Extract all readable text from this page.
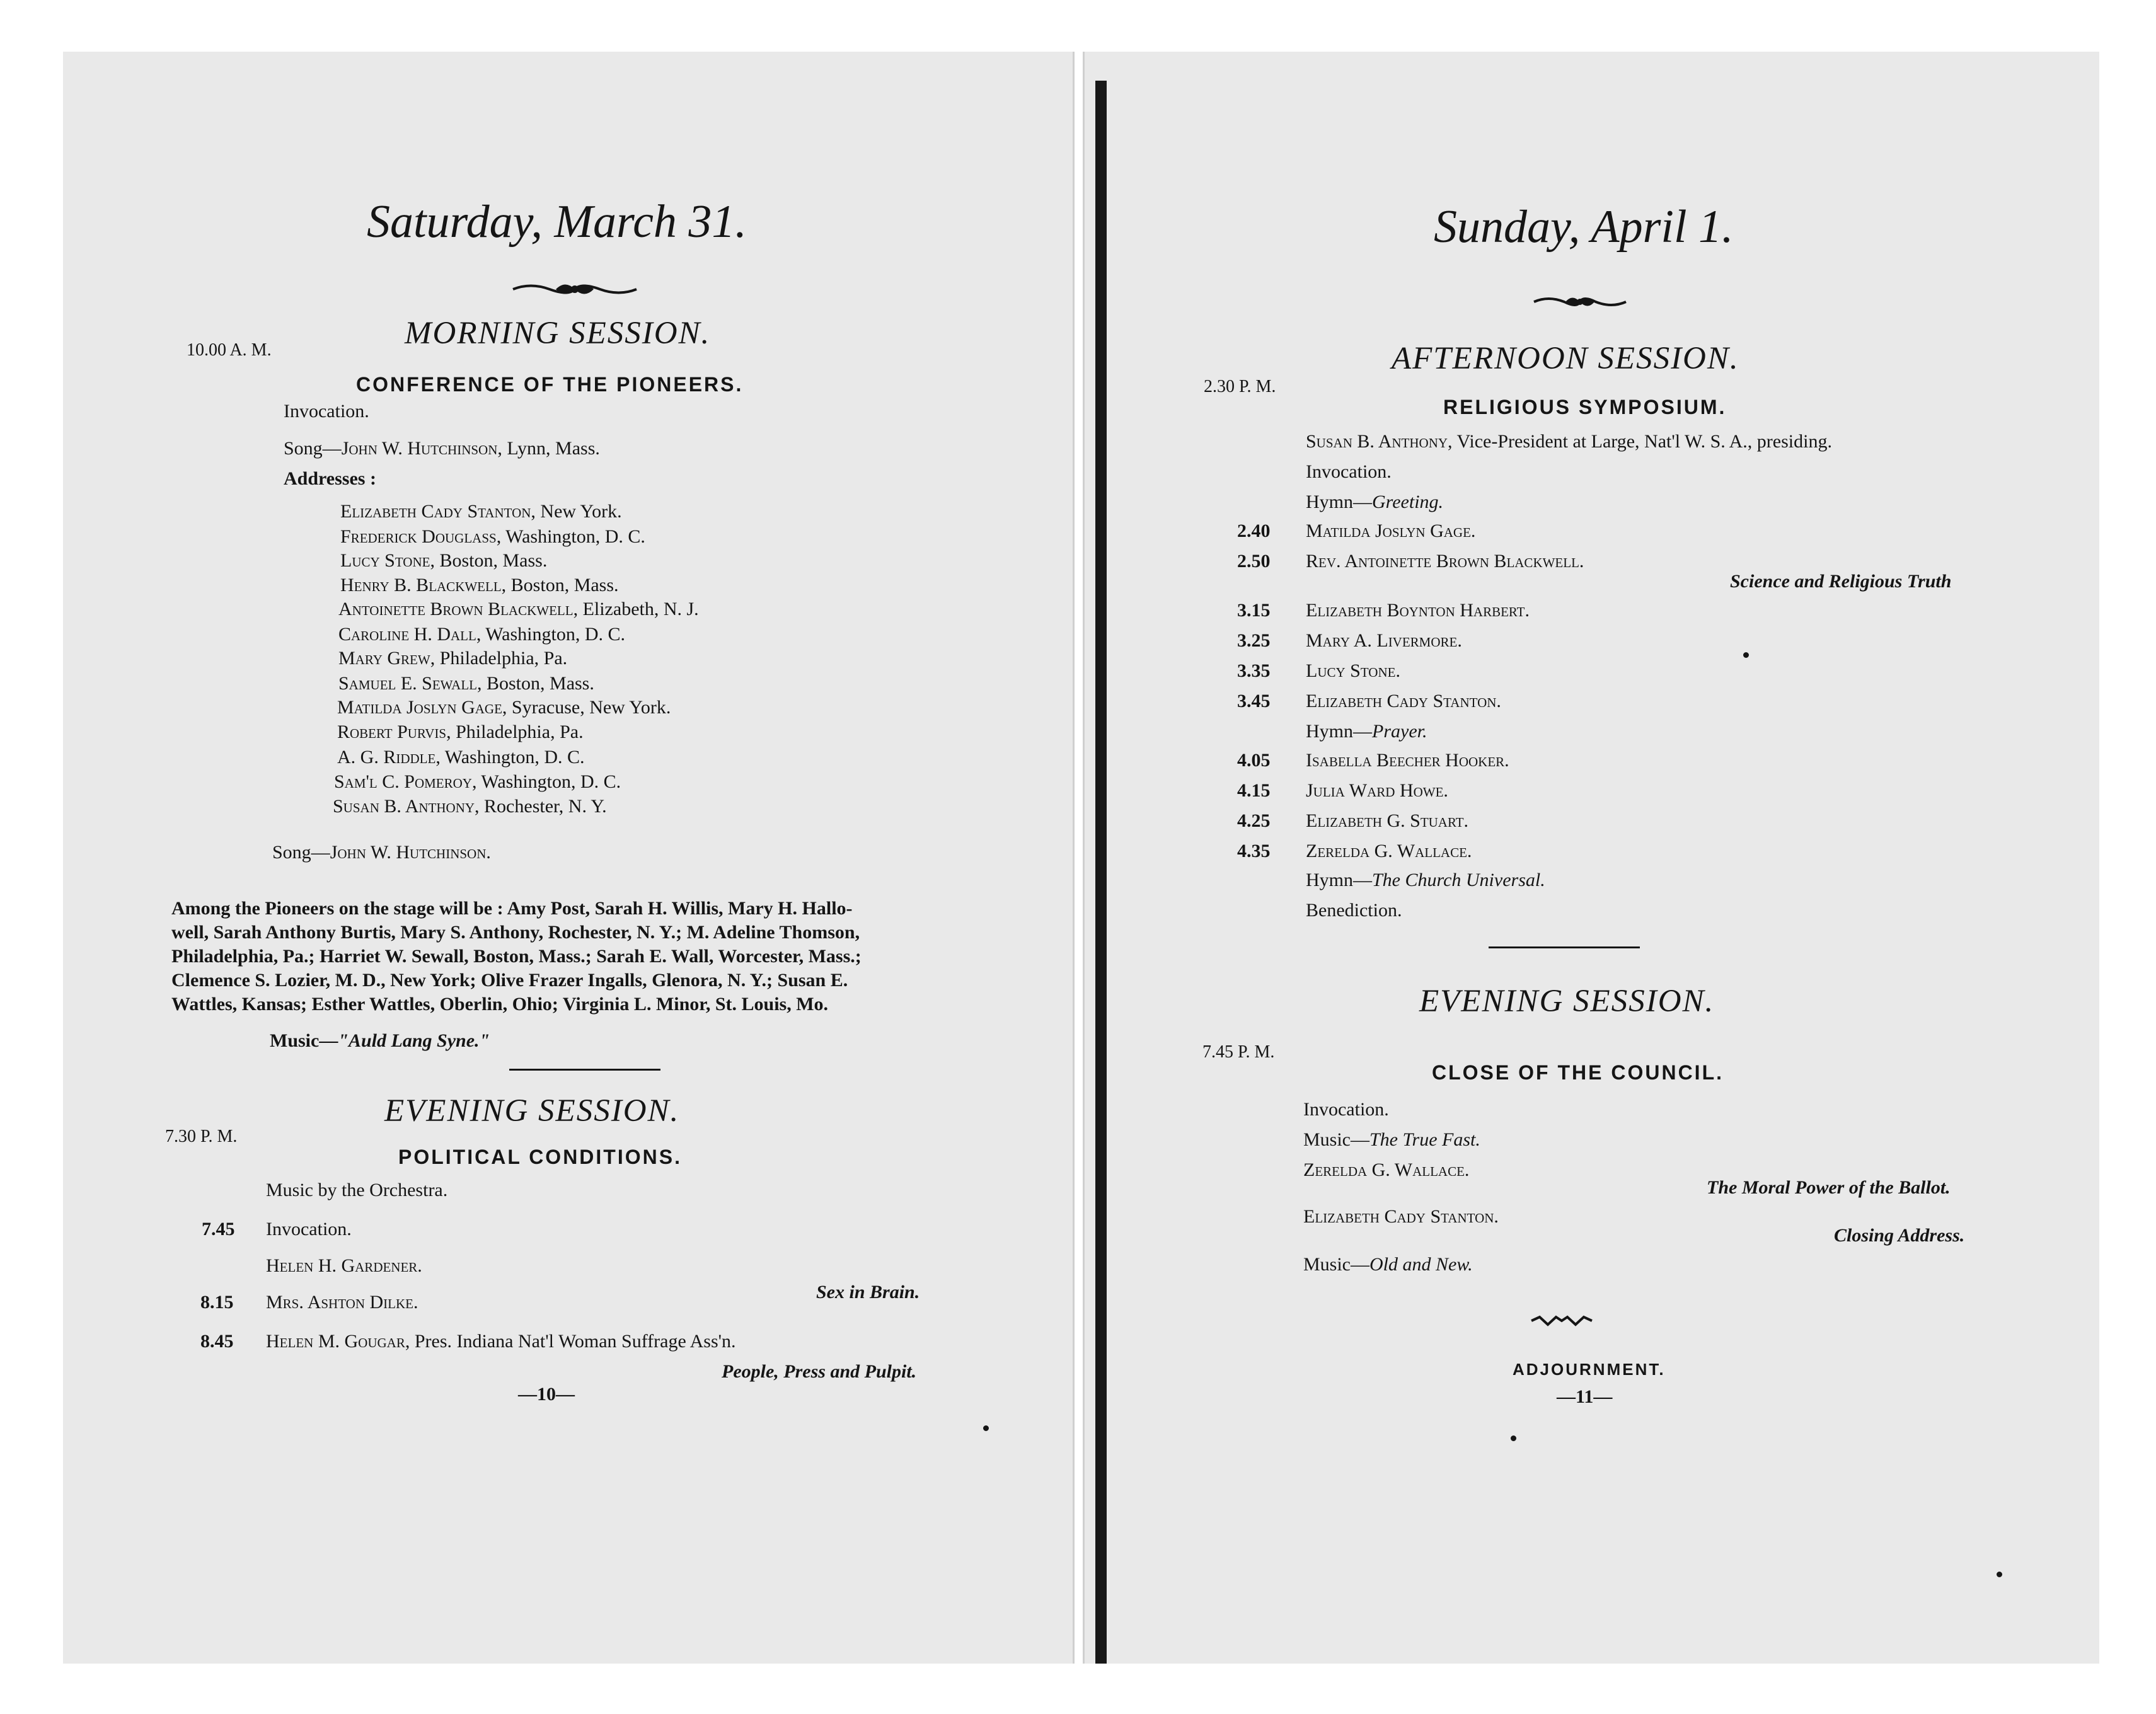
Saturday, March 31.
10.00 A. M.	MORNING SESSION.
CONFERENCE OF THE PIONEERS.
Invocation.
Song—John W. Hutchinson, Lynn, Mass.
Addresses :
Elizabeth Cady Stanton, New York.
Frederick Douglass, Washington, D. C.
Lucy Stone, Boston, Mass.
Henry B. Blackwell, Boston, Mass.
Antoinette Brown Blackwell, Elizabeth, N. J.
Caroline H. Dall, Washington, D. C.
Mary Grew, Philadelphia, Pa.
Samuel E. Sewall, Boston, Mass.
Matilda Joslyn Gage, Syracuse, New York.
Robert Purvis, Philadelphia, Pa.
A. G. Riddle, Washington, D. C.
Sam'l C. Pomeroy, Washington, D. C.
Susan B. Anthony, Rochester, N. Y.
Song—John W. Hutchinson.
Among the Pioneers on the stage will be : Amy Post, Sarah H. Willis, Mary H. Hallo-
well, Sarah Anthony Burtis, Mary S. Anthony, Rochester, N. Y.; M. Adeline Thomson,
Philadelphia, Pa.; Harriet W. Sewall, Boston, Mass.; Sarah E. Wall, Worcester, Mass.;
Clemence S. Lozier, M. D., New York; Olive Frazer Ingalls, Glenora, N. Y.; Susan E.
Wattles, Kansas; Esther Wattles, Oberlin, Ohio; Virginia L. Minor, St. Louis, Mo.
Music—"Auld Lang Syne."
EVENING SESSION.
7.30 P. M.
POLITICAL CONDITIONS.
Music by the Orchestra.
7.45 Invocation.
Helen H. Gardener.
8.15 Mrs. Ashton Dilke.	Sex in Brain.
8.45 Helen M. Gougar, Pres. Indiana Nat'l Woman Suffrage Ass'n.
People, Press and Pulpit.
—10—
Sunday, April 1.
AFTERNOON SESSION.
2.30 P. M.
RELIGIOUS SYMPOSIUM.
Susan B. Anthony, Vice-President at Large, Nat'l W. S. A., presiding.
Invocation.
Hymn—Greeting.
2.40 Matilda Joslyn Gage.
2.50 Rev. Antoinette Brown Blackwell.
Science and Religious Truth
3.15 Elizabeth Boynton Harbert.
3.25 Mary A. Livermore.
3.35 Lucy Stone.
3.45 Elizabeth Cady Stanton.
Hymn—Prayer.
4.05 Isabella Beecher Hooker.
4.15 Julia Ward Howe.
4.25 Elizabeth G. Stuart.
4.35 Zerelda G. Wallace.
Hymn—The Church Universal.
Benediction.
EVENING SESSION.
7.45 P. M.
CLOSE OF THE COUNCIL.
Invocation.
Music—The True Fast.
Zerelda G. Wallace.
The Moral Power of the Ballot.
Elizabeth Cady Stanton.
Closing Address.
Music—Old and New.
ADJOURNMENT.
—11—
